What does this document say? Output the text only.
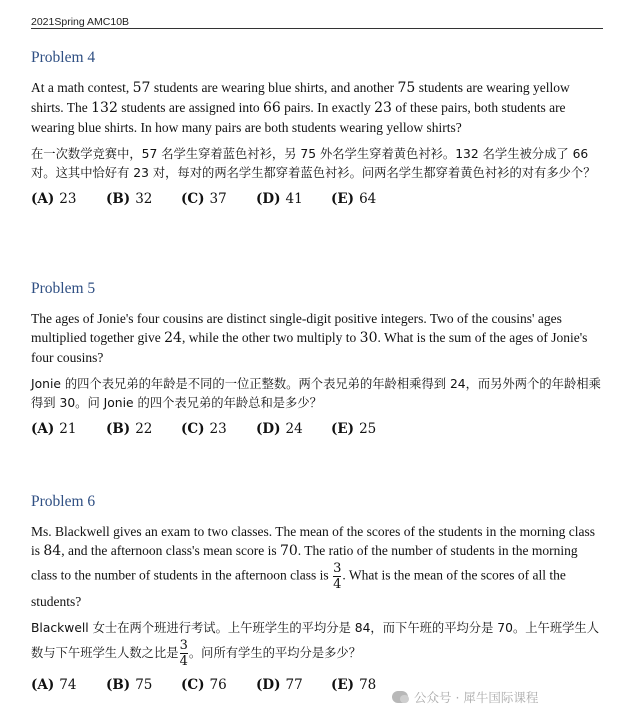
2021Spring AMC10B

Problem 4

At a math contest, 57 students are wearing blue shirts, and another 75 students are wearing yellow shirts. The 132 students are assigned into 66 pairs. In exactly 23 of these pairs, both students are wearing blue shirts. In how many pairs are both students wearing yellow shirts?

在一次数学竞赛中，57 名学生穿着蓝色衬衫，另 75 外名学生穿着黄色衬衫。132 名学生被分成了 66 对。这其中恰好有 23 对，每对的两名学生都穿着蓝色衬衫。问两名学生都穿着黄色衬衫的对有多少个？

(A) 23	(B) 32	(C) 37	(D) 41	(E) 64

Problem 5

The ages of Jonie's four cousins are distinct single-digit positive integers. Two of the cousins' ages multiplied together give 24, while the other two multiply to 30. What is the sum of the ages of Jonie's four cousins?

Jonie 的四个表兄弟的年龄是不同的一位正整数。两个表兄弟的年龄相乘得到 24，而另外两个的年龄相乘得到 30。问 Jonie 的四个表兄弟的年龄总和是多少？

(A) 21	(B) 22	(C) 23	(D) 24	(E) 25

Problem 6

Ms. Blackwell gives an exam to two classes. The mean of the scores of the students in the morning class is 84, and the afternoon class's mean score is 70. The ratio of the number of students in the morning class to the number of students in the afternoon class is $\frac{3}{4}$ . What is the mean of the scores of all the students?

Blackwell 女士在两个班进行考试。上午班学生的平均分是 84，而下午班的平均分是 70。上午班学生人数与下午班学生人数之比是 $\frac{3}{4}$ 。问所有学生的平均分是多少？

(A) 74	(B) 75	(C) 76	(D) 77	(E) 78
公众号 · 犀牛国际课程
